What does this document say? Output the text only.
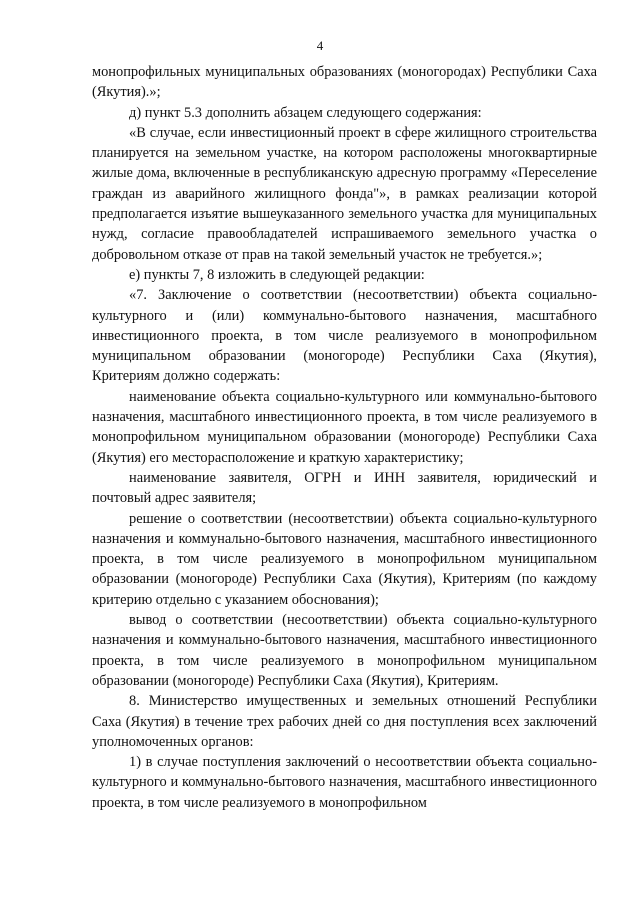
4

монопрофильных муниципальных образованиях (моногородах) Республики Саха (Якутия).»;

д) пункт 5.3 дополнить абзацем следующего содержания:

«В случае, если инвестиционный проект в сфере жилищного строительства планируется на земельном участке, на котором расположены многоквартирные жилые дома, включенные в республиканскую адресную программу «Переселение граждан из аварийного жилищного фонда"», в рамках реализации которой предполагается изъятие вышеуказанного земельного участка для муниципальных нужд, согласие правообладателей испрашиваемого земельного участка о добровольном отказе от прав на такой земельный участок не требуется.»;

е) пункты 7, 8 изложить в следующей редакции:

«7. Заключение о соответствии (несоответствии) объекта социально-культурного и (или) коммунально-бытового назначения, масштабного инвестиционного проекта, в том числе реализуемого в монопрофильном муниципальном образовании (моногороде) Республики Саха (Якутия), Критериям должно содержать:

наименование объекта социально-культурного или коммунально-бытового назначения, масштабного инвестиционного проекта, в том числе реализуемого в монопрофильном муниципальном образовании (моногороде) Республики Саха (Якутия) его месторасположение и краткую характеристику;

наименование заявителя, ОГРН и ИНН заявителя, юридический и почтовый адрес заявителя;

решение о соответствии (несоответствии) объекта социально-культурного назначения и коммунально-бытового назначения, масштабного инвестиционного проекта, в том числе реализуемого в монопрофильном муниципальном образовании (моногороде) Республики Саха (Якутия), Критериям (по каждому критерию отдельно с указанием обоснования);

вывод о соответствии (несоответствии) объекта социально-культурного назначения и коммунально-бытового назначения, масштабного инвестиционного проекта, в том числе реализуемого в монопрофильном муниципальном образовании (моногороде) Республики Саха (Якутия), Критериям.

8. Министерство имущественных и земельных отношений Республики Саха (Якутия) в течение трех рабочих дней со дня поступления всех заключений уполномоченных органов:

1) в случае поступления заключений о несоответствии объекта социально-культурного и коммунально-бытового назначения, масштабного инвестиционного проекта, в том числе реализуемого в монопрофильном
